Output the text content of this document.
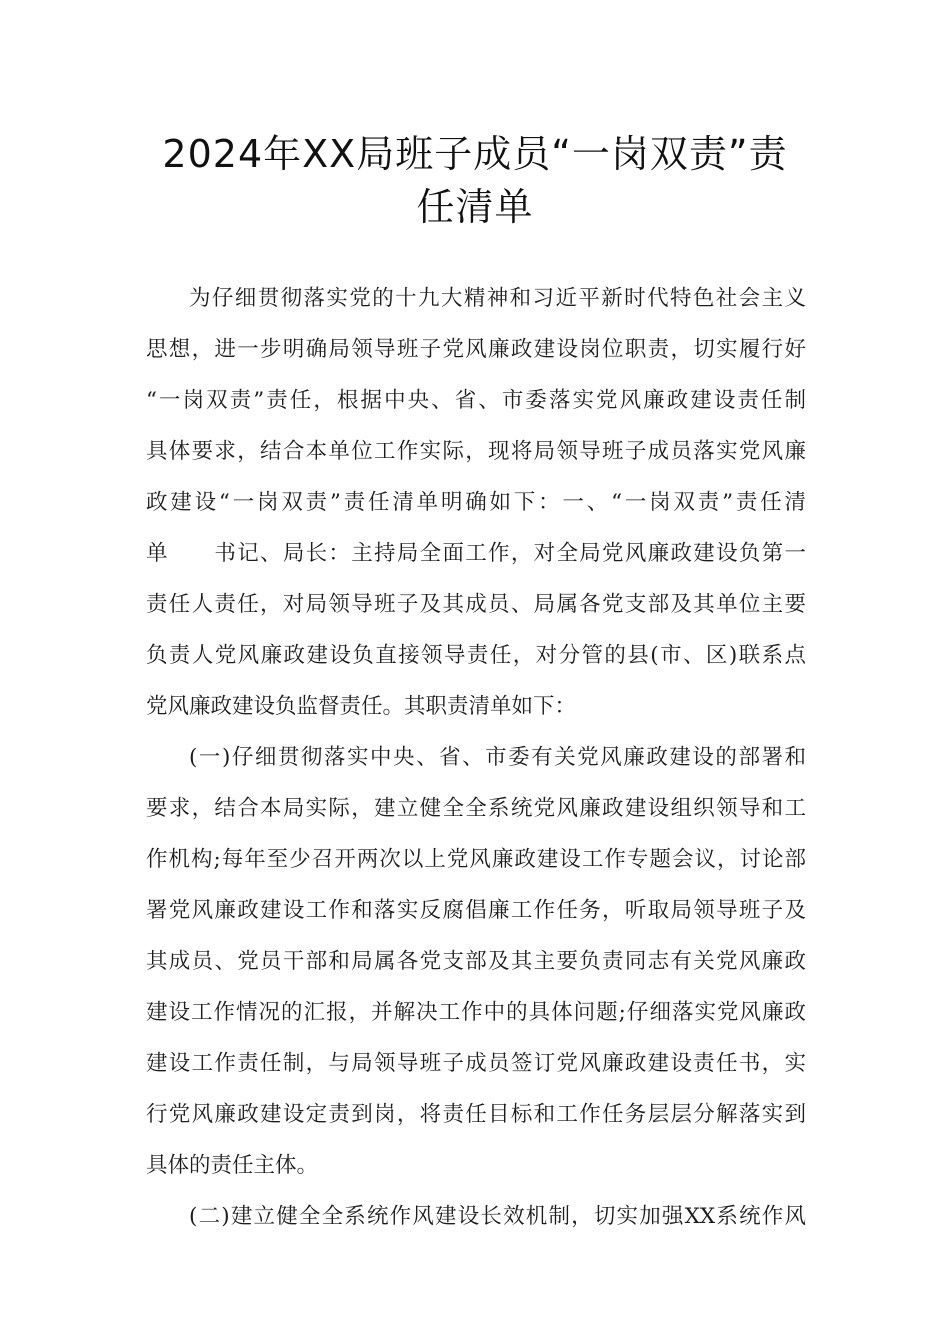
2024年XX局班子成员“一岗双责”责
任清单
为仔细贯彻落实党的十九大精神和习近平新时代特色社会主义
思想，进一步明确局领导班子党风廉政建设岗位职责，切实履行好
“一岗双责”责任，根据中央、省、市委落实党风廉政建设责任制
具体要求，结合本单位工作实际，现将局领导班子成员落实党风廉
政建设“一岗双责”责任清单明确如下：一、“一岗双责”责任清
单　　书记、局长：主持局全面工作，对全局党风廉政建设负第一
责任人责任，对局领导班子及其成员、局属各党支部及其单位主要
负责人党风廉政建设负直接领导责任，对分管的县(市、区)联系点
党风廉政建设负监督责任。其职责清单如下：
(一)仔细贯彻落实中央、省、市委有关党风廉政建设的部署和
要求，结合本局实际，建立健全全系统党风廉政建设组织领导和工
作机构;每年至少召开两次以上党风廉政建设工作专题会议，讨论部
署党风廉政建设工作和落实反腐倡廉工作任务，听取局领导班子及
其成员、党员干部和局属各党支部及其主要负责同志有关党风廉政
建设工作情况的汇报，并解决工作中的具体问题;仔细落实党风廉政
建设工作责任制，与局领导班子成员签订党风廉政建设责任书，实
行党风廉政建设定责到岗，将责任目标和工作任务层层分解落实到
具体的责任主体。
(二)建立健全全系统作风建设长效机制，切实加强XX系统作风
